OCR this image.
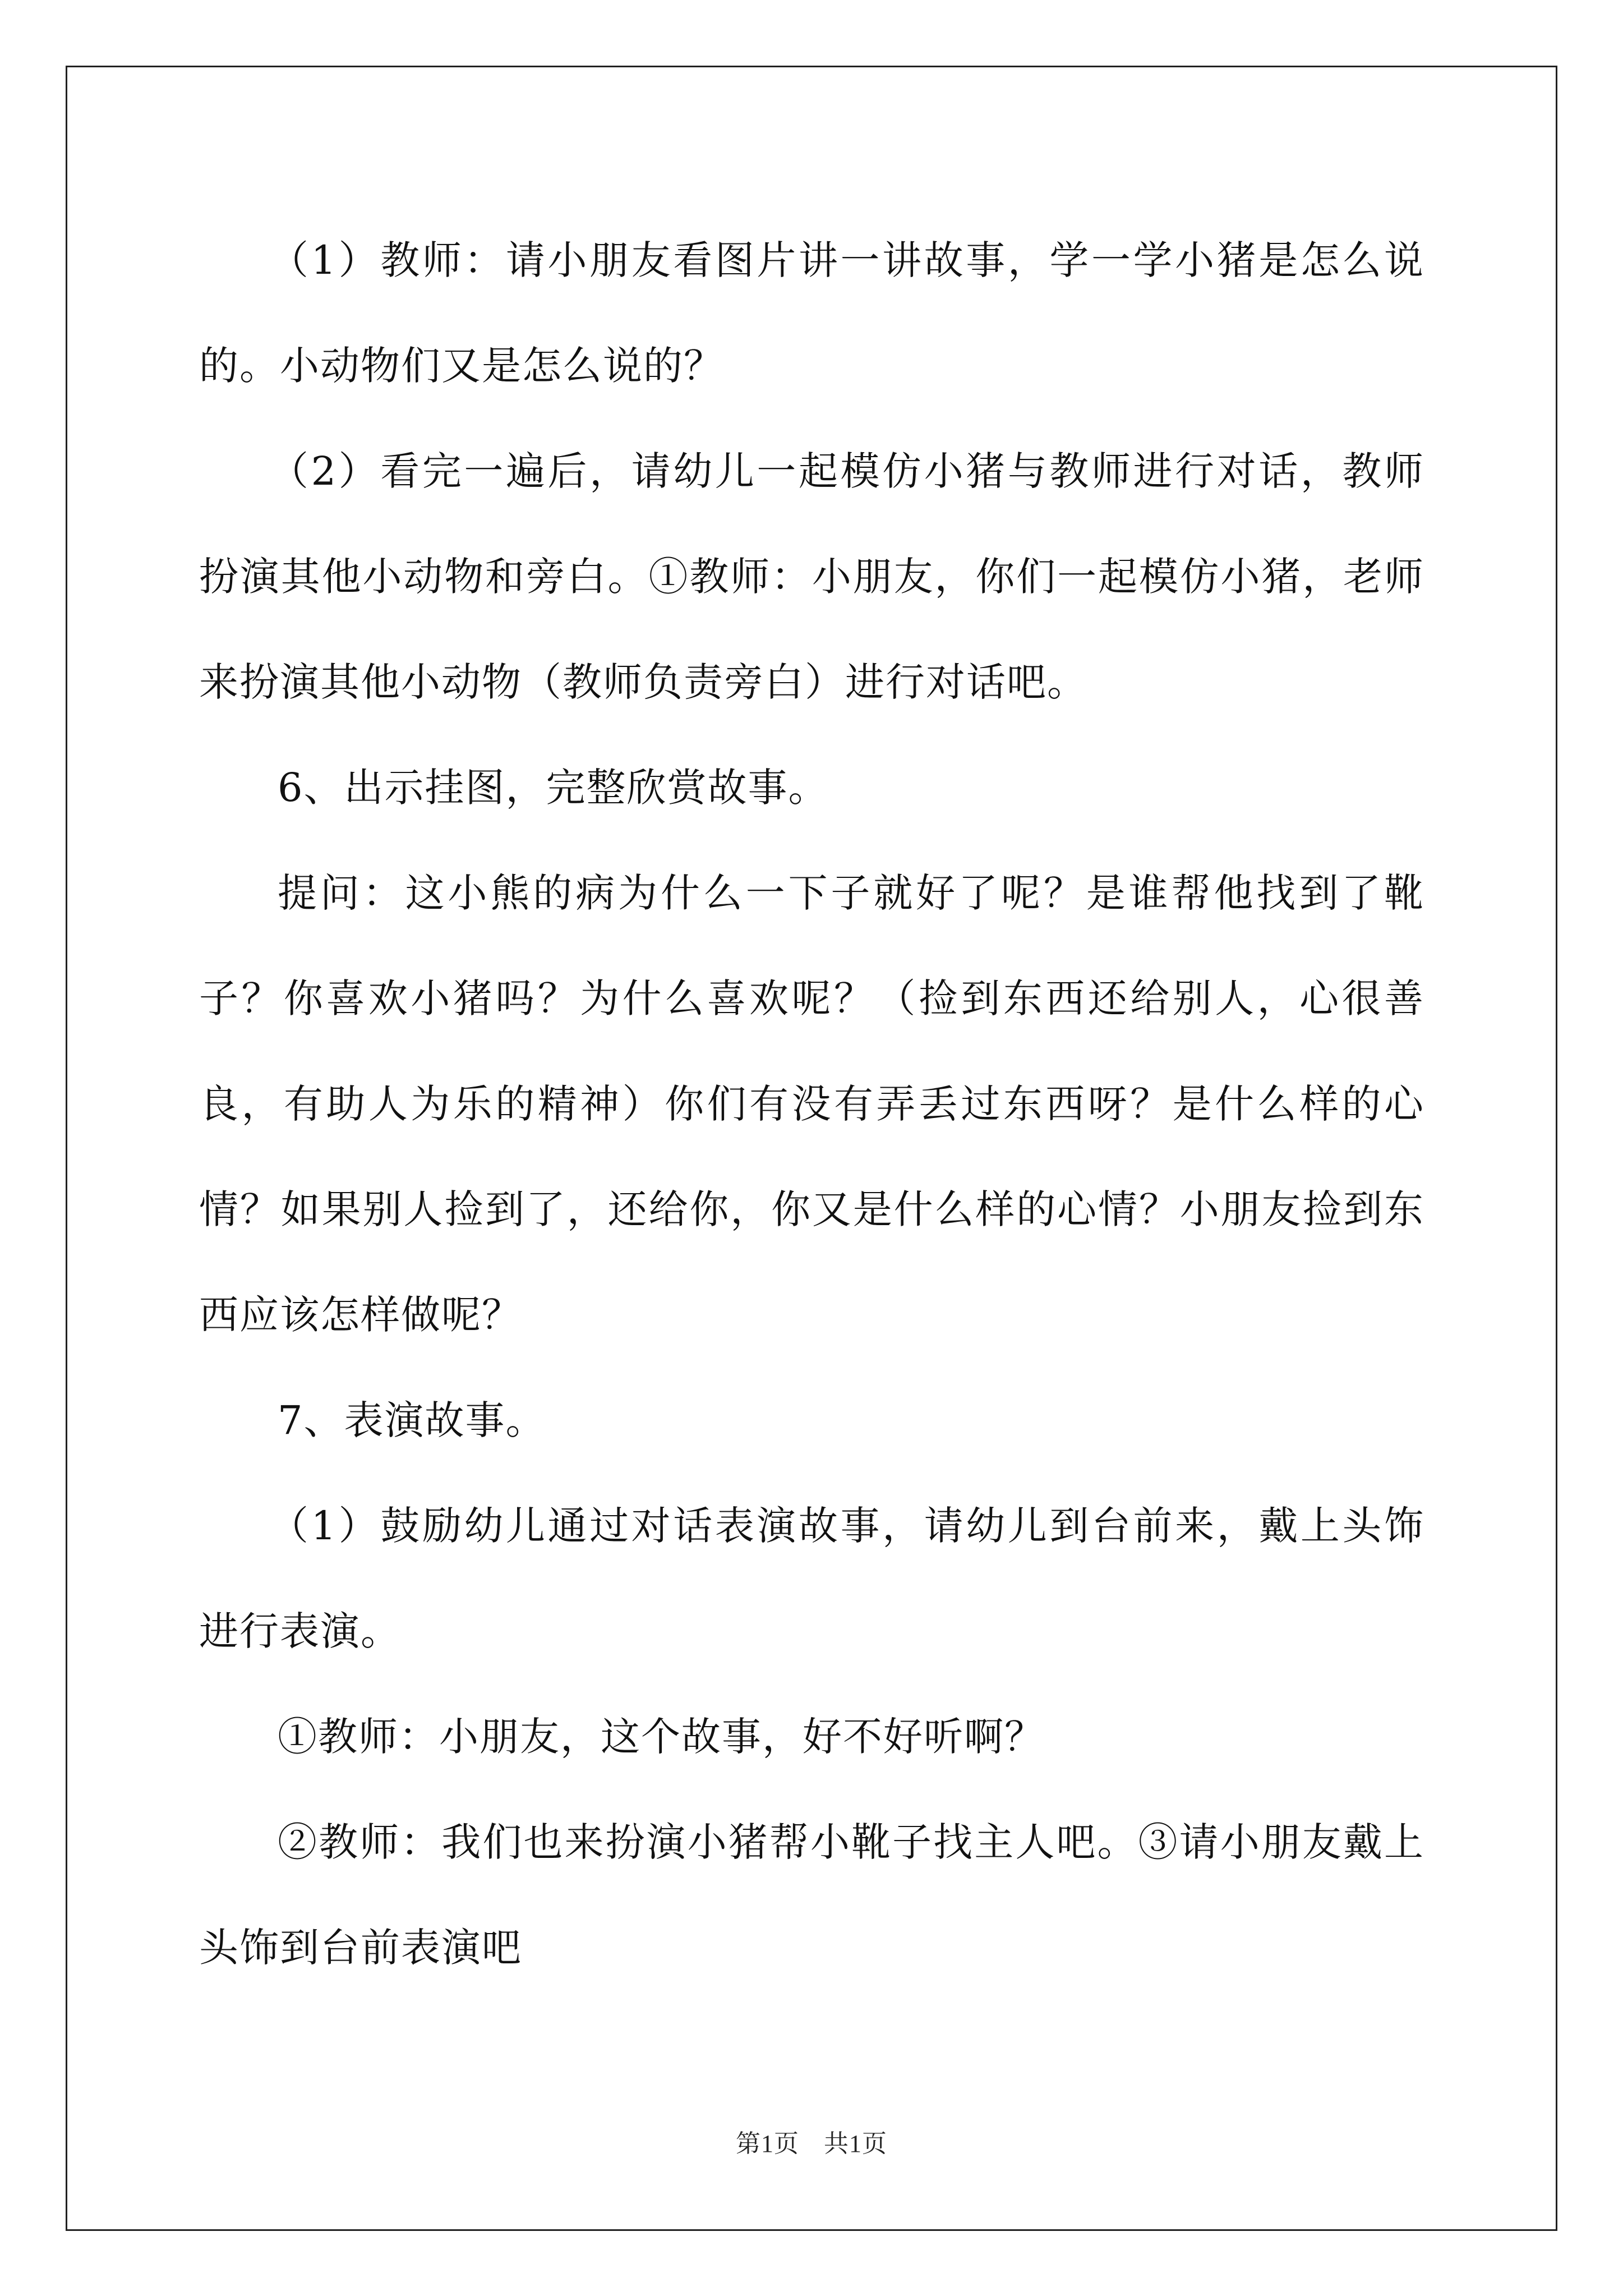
（1）教师：请小朋友看图片讲一讲故事，学一学小猪是怎么说的。小动物们又是怎么说的？

（2）看完一遍后，请幼儿一起模仿小猪与教师进行对话，教师扮演其他小动物和旁白。①教师：小朋友，你们一起模仿小猪，老师来扮演其他小动物（教师负责旁白）进行对话吧。

6、出示挂图，完整欣赏故事。

提问：这小熊的病为什么一下子就好了呢？是谁帮他找到了靴子？你喜欢小猪吗？为什么喜欢呢？（捡到东西还给别人，心很善良，有助人为乐的精神）你们有没有弄丢过东西呀？是什么样的心情？如果别人捡到了，还给你，你又是什么样的心情？小朋友捡到东西应该怎样做呢？

7、表演故事。

（1）鼓励幼儿通过对话表演故事，请幼儿到台前来，戴上头饰进行表演。

①教师：小朋友，这个故事，好不好听啊？

②教师：我们也来扮演小猪帮小靴子找主人吧。③请小朋友戴上头饰到台前表演吧

第1页 共1页
